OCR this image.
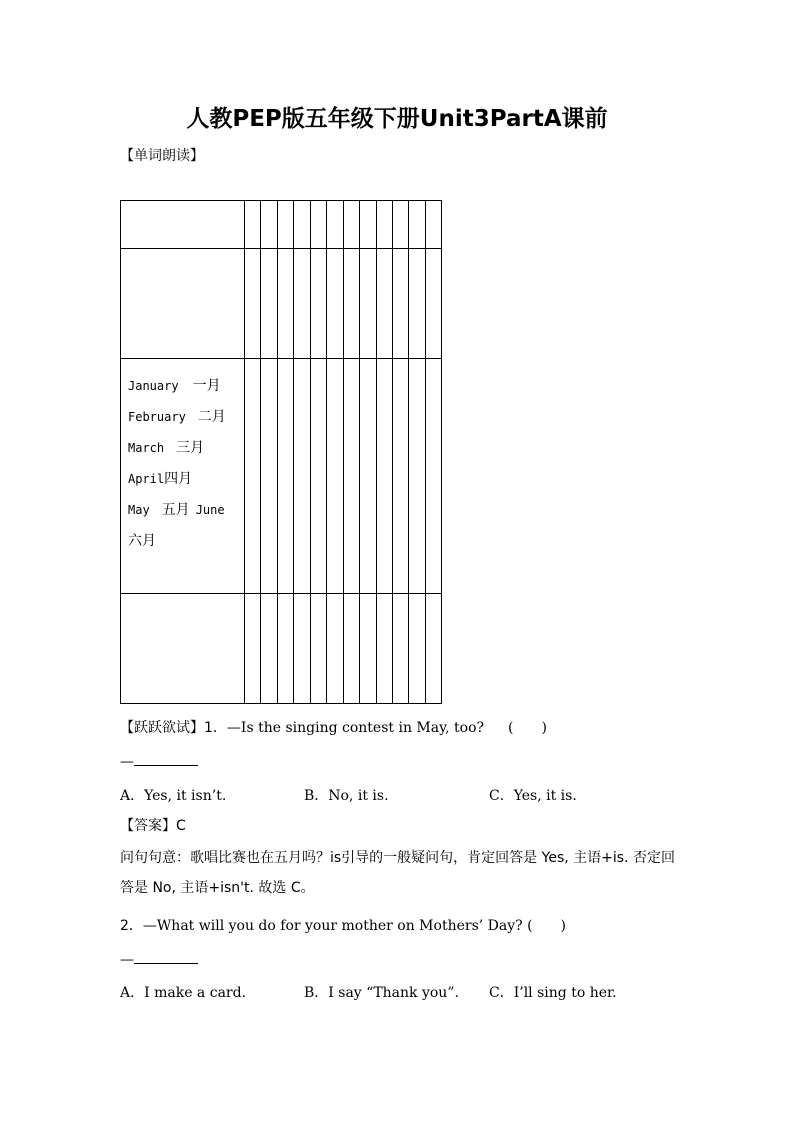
人教PEP版五年级下册Unit3PartA课前
【单词朗读】
January 一月
February 二月
March 三月
April四月
May 五月 June
六月
【跃跃欲试】1．—Is the singing contest in May, too? (　　)
—
A．Yes, it isn’t.	B．No, it is.	C．Yes, it is.
【答案】C
问句句意：歌唱比赛也在五月吗？is引导的一般疑问句，肯定回答是 Yes, 主语+is. 否定回
答是 No, 主语+isn't. 故选 C。
2．—What will you do for your mother on Mothers’ Day? (　　)
—
A．I make a card.	B．I say “Thank you”. C．I’ll sing to her.
